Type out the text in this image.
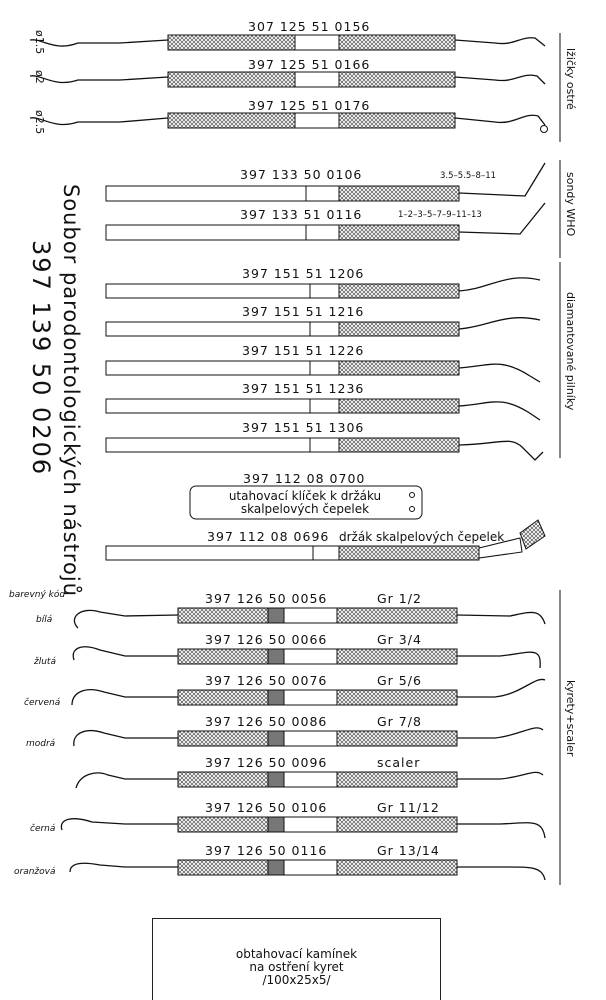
307 125 51 0156
397 125 51 0166
397 125 51 0176
ø1.5
ø2
ø2.5
lžičky ostré
397 133 50 0106
397 133 51 0116
3.5–5.5–8–11
1–2–3–5–7–9–11–13	sondy WHO
Soubor parodontologických nástrojů
397 139 50 0206	397 151 51 1206
397 151 51 1216
397 151 51 1226
397 151 51 1236
397 151 51 1306
diamantované pilníky
397 112 08 0700
utahovací klíček k držáku
skalpelových čepelek
397 112 08 0696 držák skalpelových čepelek
397 126 50 0056
397 126 50 0066
397 126 50 0076
397 126 50 0086
397 126 50 0096
397 126 50 0106
397 126 50 0116
Gr 1/2
Gr 3/4
Gr 5/6
Gr 7/8
scaler
Gr 11/12
Gr 13/14
barevný kód
bílá
žlutá
červená
modrá
černá
oranžová
kyrety+scaler
obtahovací kamínek
na ostření kyret
/100x25x5/
